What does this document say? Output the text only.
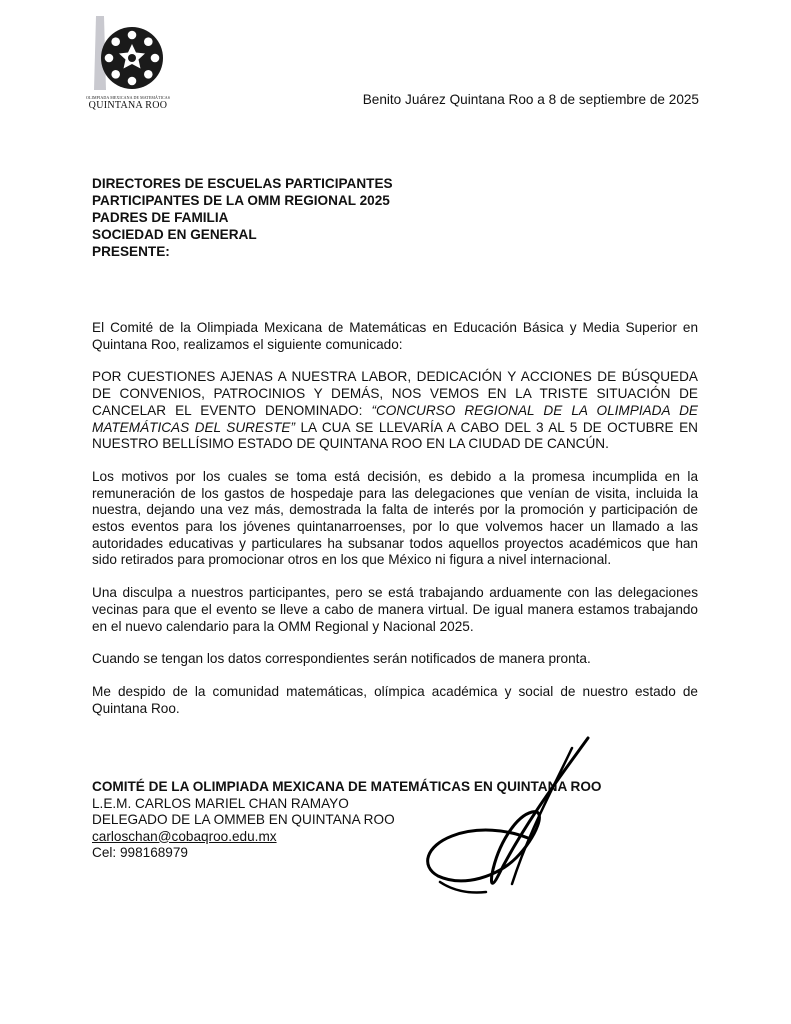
OLIMPIADA MEXICANA DE MATEMÁTICAS
QUINTANA ROO	Benito Juárez Quintana Roo a 8 de septiembre de 2025
DIRECTORES DE ESCUELAS PARTICIPANTES
PARTICIPANTES DE LA OMM REGIONAL 2025
PADRES DE FAMILIA
SOCIEDAD EN GENERAL
PRESENTE:

El Comité de la Olimpiada Mexicana de Matemáticas en Educación Básica y Media Superior en Quintana Roo, realizamos el siguiente comunicado:

POR CUESTIONES AJENAS A NUESTRA LABOR, DEDICACIÓN Y ACCIONES DE BÚSQUEDA DE CONVENIOS, PATROCINIOS Y DEMÁS, NOS VEMOS EN LA TRISTE SITUACIÓN DE CANCELAR EL EVENTO DENOMINADO: “CONCURSO REGIONAL DE LA OLIMPIADA DE MATEMÁTICAS DEL SURESTE” LA CUA SE LLEVARÍA A CABO DEL 3 AL 5 DE OCTUBRE EN NUESTRO BELLÍSIMO ESTADO DE QUINTANA ROO EN LA CIUDAD DE CANCÚN.

Los motivos por los cuales se toma está decisión, es debido a la promesa incumplida en la remuneración de los gastos de hospedaje para las delegaciones que venían de visita, incluida la nuestra, dejando una vez más, demostrada la falta de interés por la promoción y participación de estos eventos para los jóvenes quintanarroenses, por lo que volvemos hacer un llamado a las autoridades educativas y particulares ha subsanar todos aquellos proyectos académicos que han sido retirados para promocionar otros en los que México ni figura a nivel internacional.

Una disculpa a nuestros participantes, pero se está trabajando arduamente con las delegaciones vecinas para que el evento se lleve a cabo de manera virtual. De igual manera estamos trabajando en el nuevo calendario para la OMM Regional y Nacional 2025.

Cuando se tengan los datos correspondientes serán notificados de manera pronta.

Me despido de la comunidad matemáticas, olímpica académica y social de nuestro estado de Quintana Roo.

COMITÉ DE LA OLIMPIADA MEXICANA DE MATEMÁTICAS EN QUINTANA ROO
L.E.M. CARLOS MARIEL CHAN RAMAYO
DELEGADO DE LA OMMEB EN QUINTANA ROO
carloschan@cobaqroo.edu.mx
Cel: 998168979
